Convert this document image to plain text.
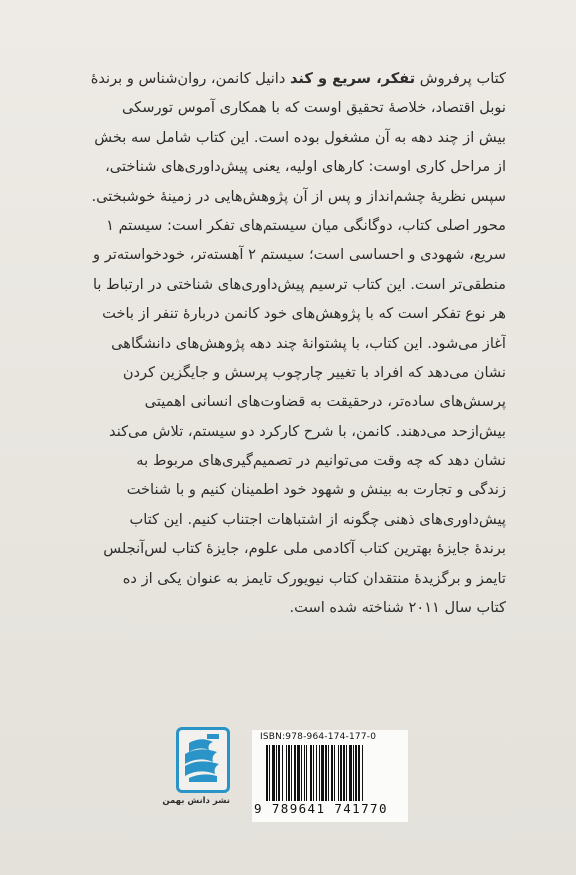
کتاب پرفروش تفکر، سریع و کند دانیل کانمن، روان‌شناس و برندهٔ
نوبل اقتصاد، خلاصهٔ تحقیق اوست که با همکاری آموس تورسکی
بیش از چند دهه به آن مشغول بوده است. این کتاب شامل سه بخش
از مراحل کاری اوست: کارهای اولیه، یعنی پیش‌داوری‌های شناختی،
سپس نظریهٔ چشم‌انداز و پس از آن پژوهش‌هایی در زمینهٔ خوشبختی.
محور اصلی کتاب، دوگانگی میان سیستم‌های تفکر است: سیستم ۱
سریع، شهودی و احساسی است؛ سیستم ۲ آهسته‌تر، خودخواسته‌تر و
منطقی‌تر است. این کتاب ترسیم پیش‌داوری‌های شناختی در ارتباط با
هر نوع تفکر است که با پژوهش‌های خود کانمن دربارهٔ تنفر از باخت
آغاز می‌شود. این کتاب، با پشتوانهٔ چند دهه پژوهش‌های دانشگاهی
نشان می‌دهد که افراد با تغییر چارچوب پرسش و جایگزین کردن
پرسش‌های ساده‌تر، درحقیقت به قضاوت‌های انسانی اهمیتی
بیش‌ازحد می‌دهند. کانمن، با شرح کارکرد دو سیستم، تلاش می‌کند
نشان دهد که چه وقت می‌توانیم در تصمیم‌گیری‌های مربوط به
زندگی و تجارت به بینش و شهود خود اطمینان کنیم و با شناخت
پیش‌داوری‌های ذهنی چگونه از اشتباهات اجتناب کنیم. این کتاب
برندهٔ جایزهٔ بهترین کتاب آکادمی ملی علوم، جایزهٔ کتاب لس‌آنجلس
تایمز و برگزیدهٔ منتقدان کتاب نیویورک تایمز به عنوان یکی از ده
کتاب سال ۲۰۱۱ شناخته شده است.
نشر دانش بهمن
ISBN:978-964-174-177-0
9 789641 741770
